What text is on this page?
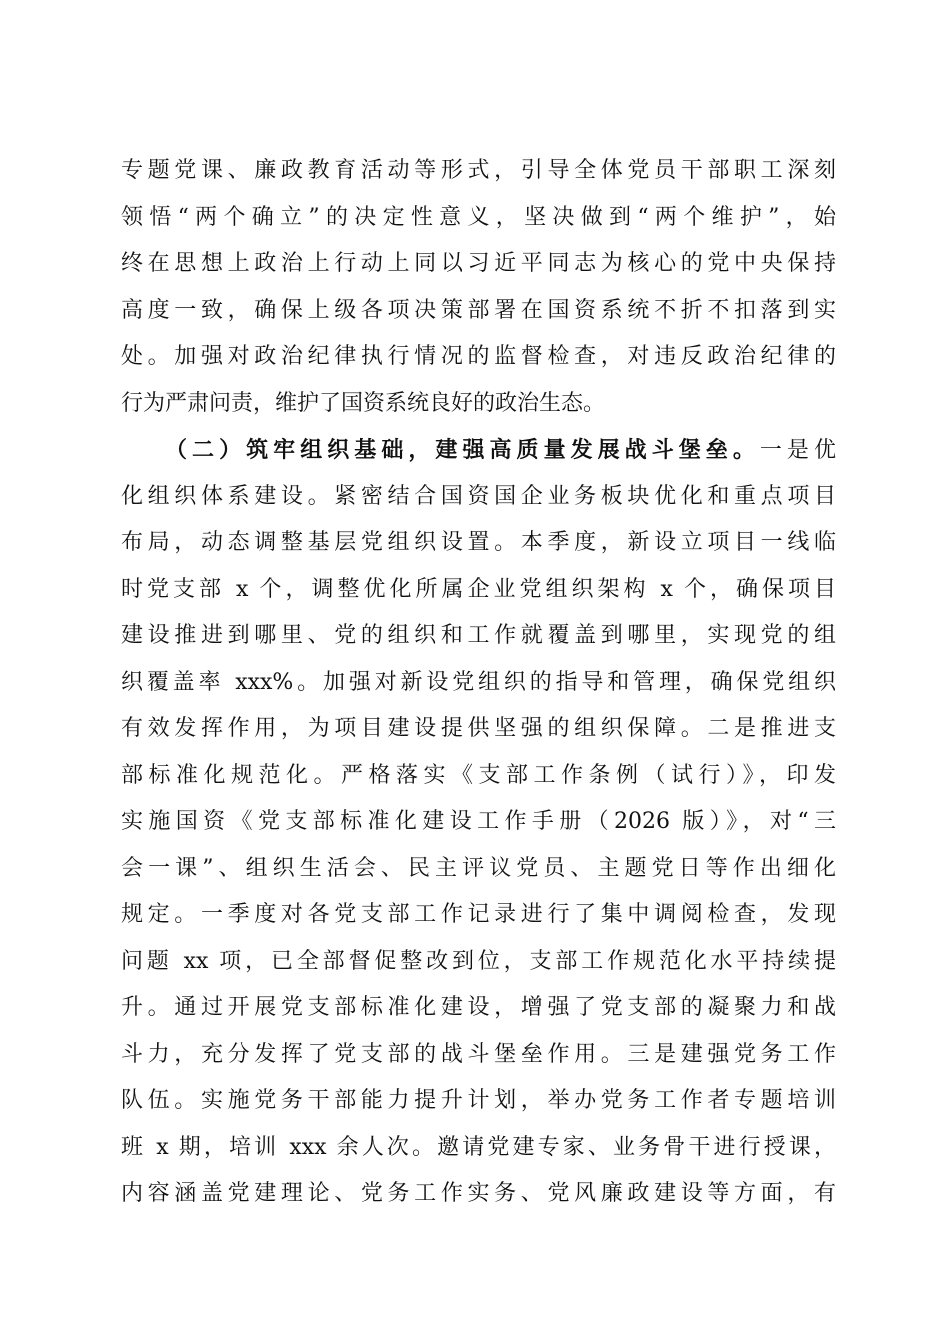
专题党课、廉政教育活动等形式，引导全体党员干部职工深刻
领悟“两个确立”的决定性意义，坚决做到“两个维护”，始
终在思想上政治上行动上同以习近平同志为核心的党中央保持
高度一致，确保上级各项决策部署在国资系统不折不扣落到实
处。加强对政治纪律执行情况的监督检查，对违反政治纪律的
行为严肃问责，维护了国资系统良好的政治生态。
（二）筑牢组织基础，建强高质量发展战斗堡垒。一是优
化组织体系建设。紧密结合国资国企业务板块优化和重点项目
布局，动态调整基层党组织设置。本季度，新设立项目一线临
时党支部 x 个，调整优化所属企业党组织架构 x 个，确保项目
建设推进到哪里、党的组织和工作就覆盖到哪里，实现党的组
织覆盖率 xxx%。加强对新设党组织的指导和管理，确保党组织
有效发挥作用，为项目建设提供坚强的组织保障。二是推进支
部标准化规范化。严格落实《支部工作条例（试行）》，印发
实施国资《党支部标准化建设工作手册（2026 版）》，对“三
会一课”、组织生活会、民主评议党员、主题党日等作出细化
规定。一季度对各党支部工作记录进行了集中调阅检查，发现
问题 xx 项，已全部督促整改到位，支部工作规范化水平持续提
升。通过开展党支部标准化建设，增强了党支部的凝聚力和战
斗力，充分发挥了党支部的战斗堡垒作用。三是建强党务工作
队伍。实施党务干部能力提升计划，举办党务工作者专题培训
班 x 期，培训 xxx 余人次。邀请党建专家、业务骨干进行授课，
内容涵盖党建理论、党务工作实务、党风廉政建设等方面，有
